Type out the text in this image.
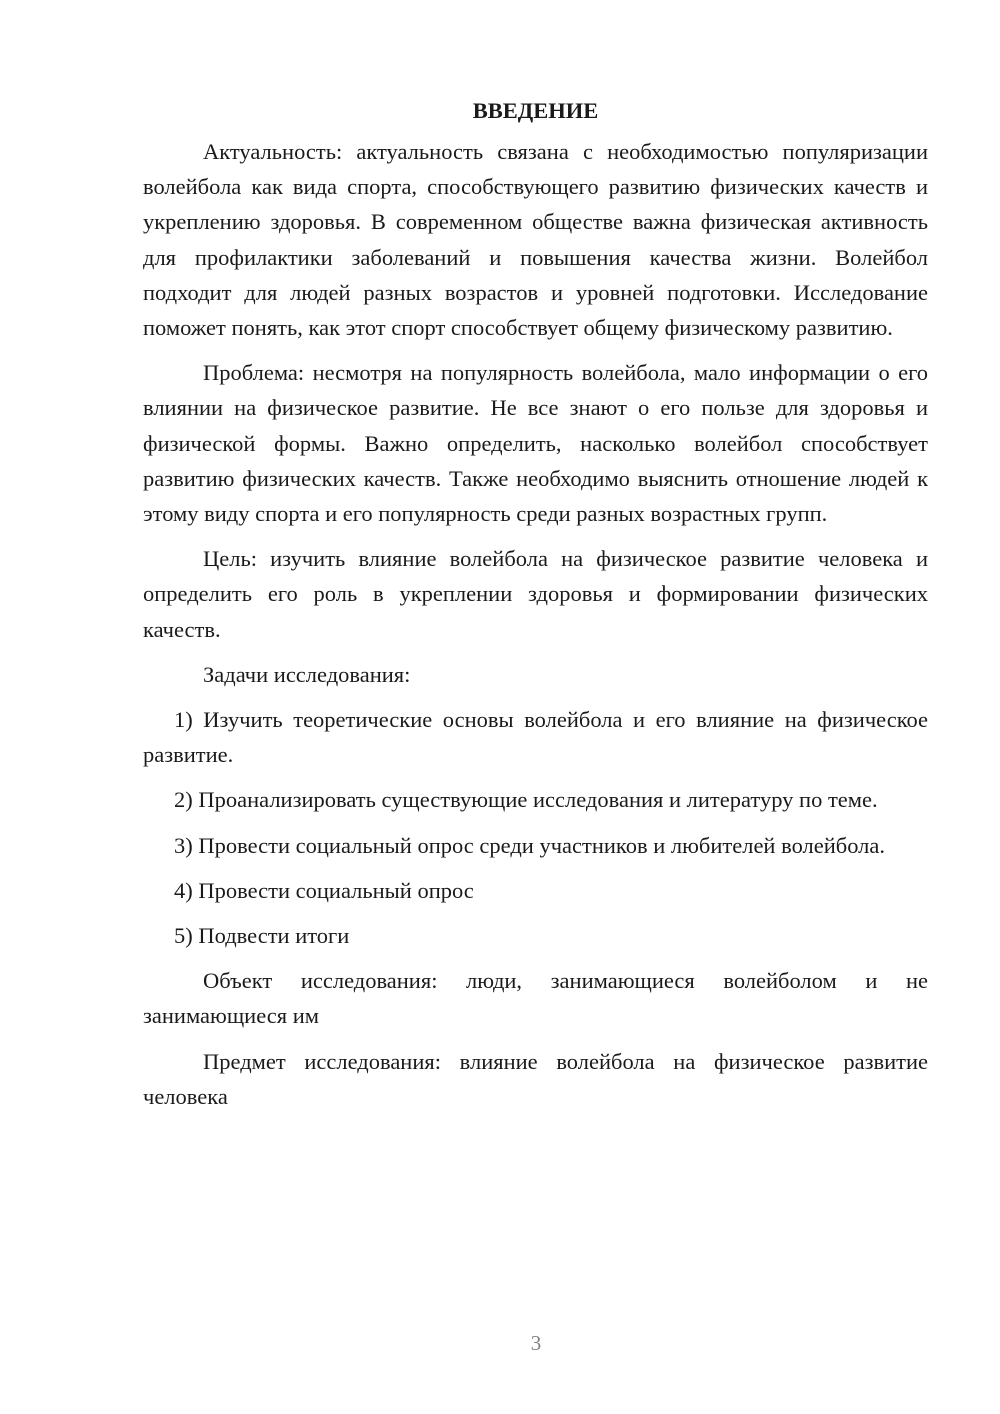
ВВЕДЕНИЕ

Актуальность: актуальность связана с необходимостью популяризации волейбола как вида спорта, способствующего развитию физических качеств и укреплению здоровья. В современном обществе важна физическая активность для профилактики заболеваний и повышения качества жизни. Волейбол подходит для людей разных возрастов и уровней подготовки. Исследование поможет понять, как этот спорт способствует общему физическому развитию.

Проблема: несмотря на популярность волейбола, мало информации о его влиянии на физическое развитие. Не все знают о его пользе для здоровья и физической формы. Важно определить, насколько волейбол способствует развитию физических качеств. Также необходимо выяснить отношение людей к этому виду спорта и его популярность среди разных возрастных групп.

Цель: изучить влияние волейбола на физическое развитие человека и определить его роль в укреплении здоровья и формировании физических качеств.

Задачи исследования:

1) Изучить теоретические основы волейбола и его влияние на физическое развитие.

2) Проанализировать существующие исследования и литературу по теме.

3) Провести социальный опрос среди участников и любителей волейбола.

4) Провести социальный опрос

5) Подвести итоги

Объект исследования: люди, занимающиеся волейболом и не занимающиеся им

Предмет исследования: влияние волейбола на физическое развитие человека

3
